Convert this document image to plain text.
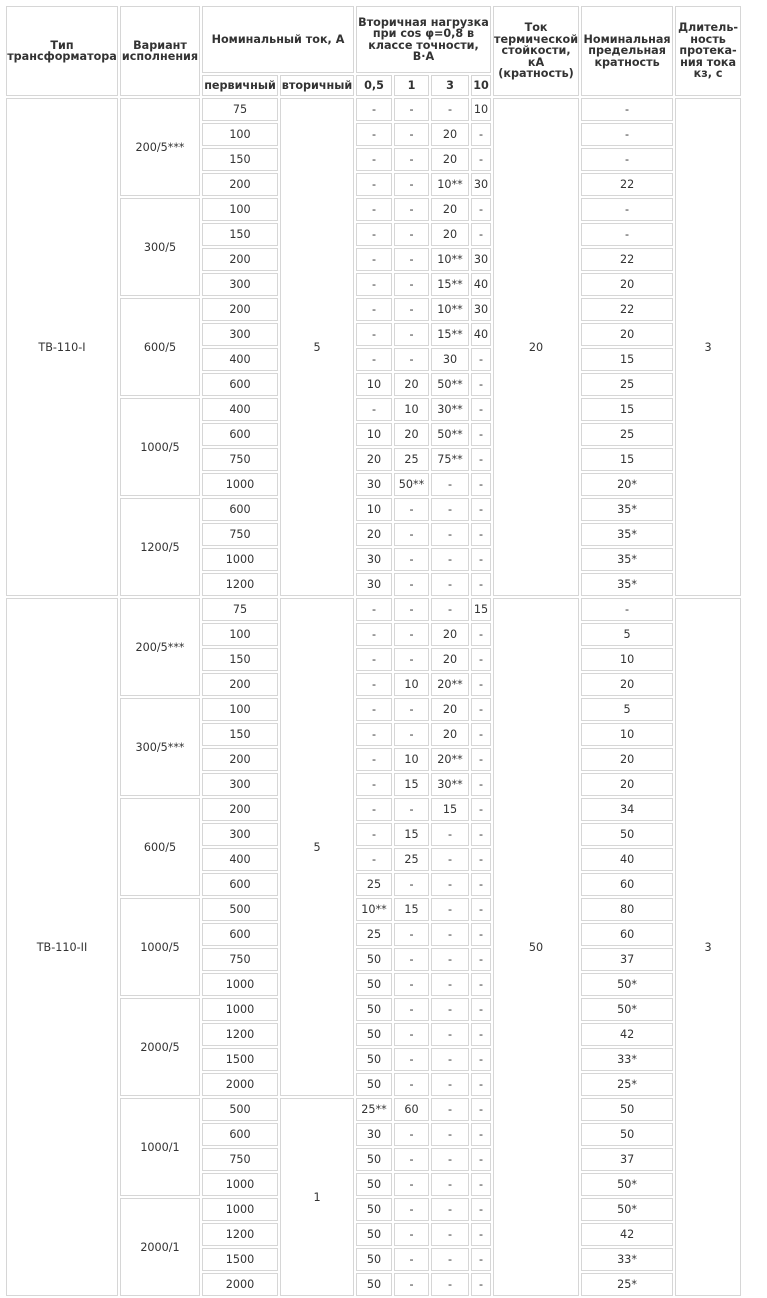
Тип трансформатора	Вариант исполнения	Номинальный ток, А		Вторичная нагрузка при cos φ=0,8 в классе точности, В·А				Ток термической стойкости, кА (кратность)	Номинальная предельная кратность	Длитель-ность протека-ния тока кз, с
		первичный	вторичный	0,5	1	3	10			
ТВ-110-I	200/5***	75	5	-	-	-	10	20	-	3
		100		-	-	20	-		-	
		150		-	-	20	-		-	
		200		-	-	10**	30		22	
	300/5	100		-	-	20	-		-	
		150		-	-	20	-		-	
		200		-	-	10**	30		22	
		300		-	-	15**	40		20	
	600/5	200		-	-	10**	30		22	
		300		-	-	15**	40		20	
		400		-	-	30	-		15	
		600		10	20	50**	-		25	
	1000/5	400		-	10	30**	-		15	
		600		10	20	50**	-		25	
		750		20	25	75**	-		15	
		1000		30	50**	-	-		20*	
	1200/5	600		10	-	-	-		35*	
		750		20	-	-	-		35*	
		1000		30	-	-	-		35*	
		1200		30	-	-	-		35*	
ТВ-110-II	200/5***	75	5	-	-	-	15	50	-	3
		100		-	-	20	-		5	
		150		-	-	20	-		10	
		200		-	10	20**	-		20	
	300/5***	100		-	-	20	-		5	
		150		-	-	20	-		10	
		200		-	10	20**	-		20	
		300		-	15	30**	-		20	
	600/5	200		-	-	15	-		34	
		300		-	15	-	-		50	
		400		-	25	-	-		40	
		600		25	-	-	-		60	
	1000/5	500		10**	15	-	-		80	
		600		25	-	-	-		60	
		750		50	-	-	-		37	
		1000		50	-	-	-		50*	
	2000/5	1000		50	-	-	-		50*	
		1200		50	-	-	-		42	
		1500		50	-	-	-		33*	
		2000		50	-	-	-		25*	
	1000/1	500	1	25**	60	-	-		50	
		600		30	-	-	-		50	
		750		50	-	-	-		37	
		1000		50	-	-	-		50*	
	2000/1	1000		50	-	-	-		50*	
		1200		50	-	-	-		42	
		1500		50	-	-	-		33*	
		2000		50	-	-	-		25*	
